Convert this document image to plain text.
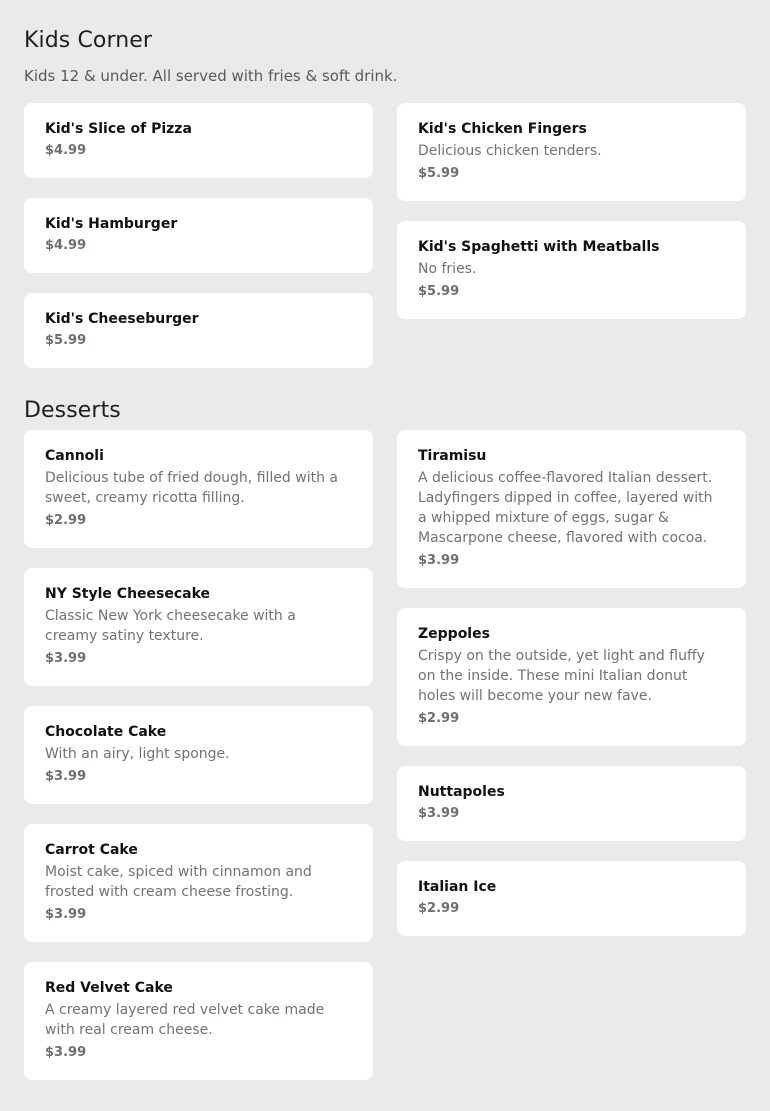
Kids Corner

Kids 12 & under. All served with fries & soft drink.

Kid's Slice of Pizza
$4.99
Kid's Hamburger
$4.99
Kid's Cheeseburger
$5.99
Kid's Chicken Fingers
Delicious chicken tenders.
$5.99
Kid's Spaghetti with Meatballs
No fries.
$5.99
Desserts
Cannoli
Delicious tube of fried dough, filled with a sweet, creamy ricotta filling.
$2.99
NY Style Cheesecake
Classic New York cheesecake with a creamy satiny texture.
$3.99
Chocolate Cake
With an airy, light sponge.
$3.99
Carrot Cake
Moist cake, spiced with cinnamon and frosted with cream cheese frosting.
$3.99
Red Velvet Cake
A creamy layered red velvet cake made with real cream cheese.
$3.99
Tiramisu
A delicious coffee-flavored Italian dessert. Ladyfingers dipped in coffee, layered with a whipped mixture of eggs, sugar & Mascarpone cheese, flavored with cocoa.
$3.99
Zeppoles
Crispy on the outside, yet light and fluffy on the inside. These mini Italian donut holes will become your new fave.
$2.99
Nuttapoles
$3.99
Italian Ice
$2.99
